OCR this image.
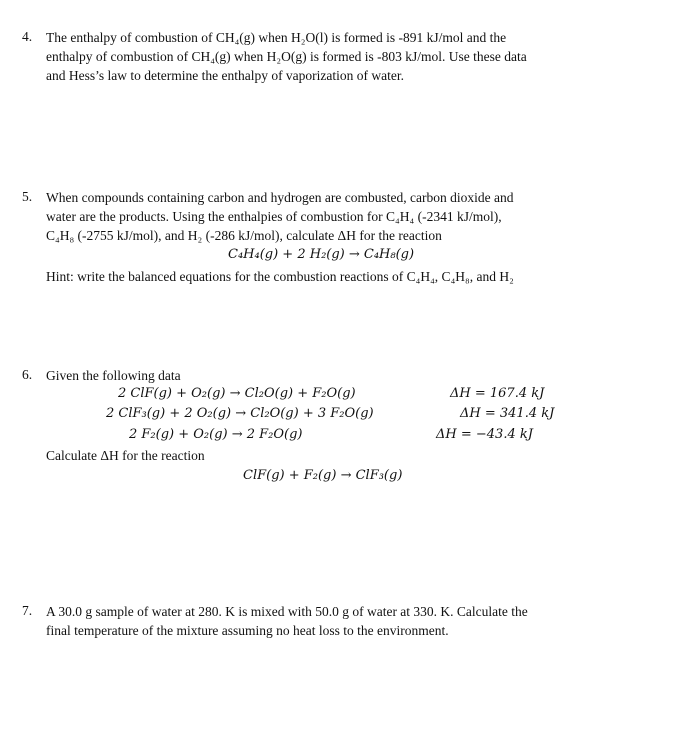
4. The enthalpy of combustion of CH₄(g) when H₂O(l) is formed is -891 kJ/mol and the
enthalpy of combustion of CH₄(g) when H₂O(g) is formed is -803 kJ/mol. Use these data
and Hess’s law to determine the enthalpy of vaporization of water.
5. When compounds containing carbon and hydrogen are combusted, carbon dioxide and
water are the products. Using the enthalpies of combustion for C₄H₄ (-2341 kJ/mol),
C₄H₈ (-2755 kJ/mol), and H₂ (-286 kJ/mol), calculate ΔH for the reaction
C₄H₄(g) + 2 H₂(g) → C₄H₈(g)
Hint: write the balanced equations for the combustion reactions of C₄H₄, C₄H₈, and H₂
6. Given the following data
2 ClF(g) + O₂(g) → Cl₂O(g) + F₂O(g)	ΔH = 167.4 kJ
2 ClF₃(g) + 2 O₂(g) → Cl₂O(g) + 3 F₂O(g)	ΔH = 341.4 kJ
2 F₂(g) + O₂(g) → 2 F₂O(g)	ΔH = −43.4 kJ
Calculate ΔH for the reaction
ClF(g) + F₂(g) → ClF₃(g)
7. A 30.0 g sample of water at 280. K is mixed with 50.0 g of water at 330. K. Calculate the
final temperature of the mixture assuming no heat loss to the environment.
